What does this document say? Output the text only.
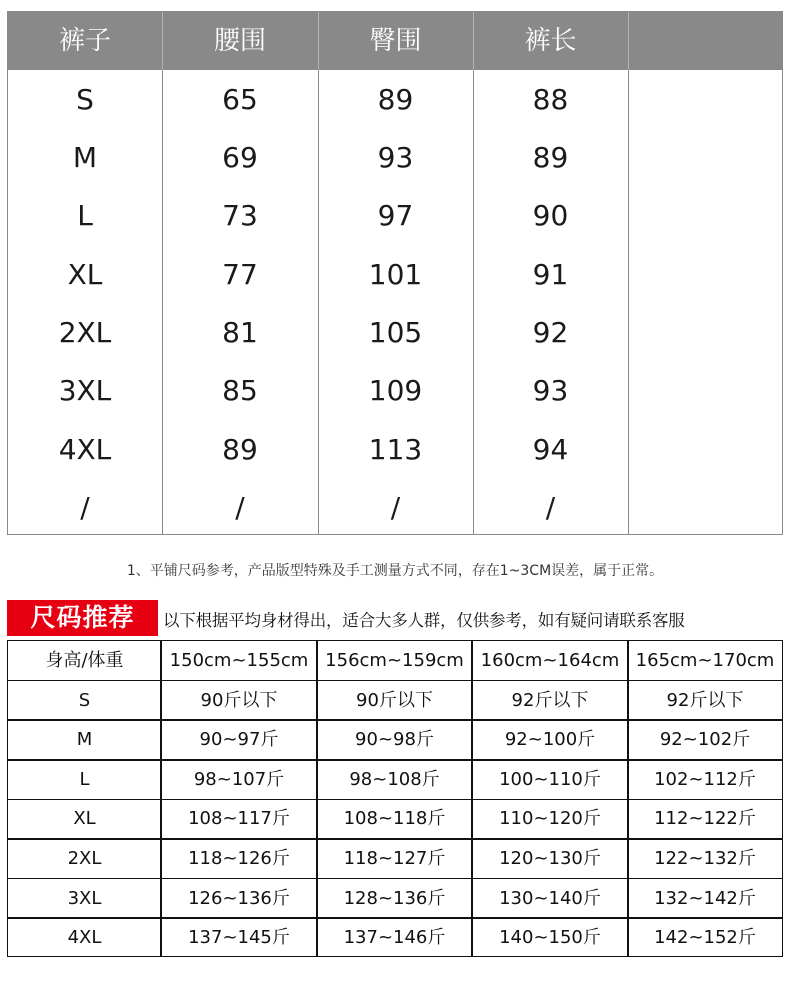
裤子	腰围	臀围	裤长
S	65	89	88
M	69	93	89
L	73	97	90
XL	77	101	91
2XL	81	105	92
3XL	85	109	93
4XL	89	113	94
/	/	/	/
1、平铺尺码参考，产品版型特殊及手工测量方式不同，存在1~3CM误差，属于正常。
尺码推荐	以下根据平均身材得出，适合大多人群，仅供参考，如有疑问请联系客服
身高/体重	150cm~155cm 156cm~159cm 160cm~164cm 165cm~170cm
S	90斤以下	90斤以下	92斤以下	92斤以下
M	90~97斤	90~98斤	92~100斤	92~102斤
L	98~107斤	98~108斤	100~110斤	102~112斤
XL	108~117斤	108~118斤	110~120斤	112~122斤
2XL	118~126斤	118~127斤	120~130斤	122~132斤
3XL	126~136斤	128~136斤	130~140斤	132~142斤
4XL	137~145斤	137~146斤	140~150斤	142~152斤
